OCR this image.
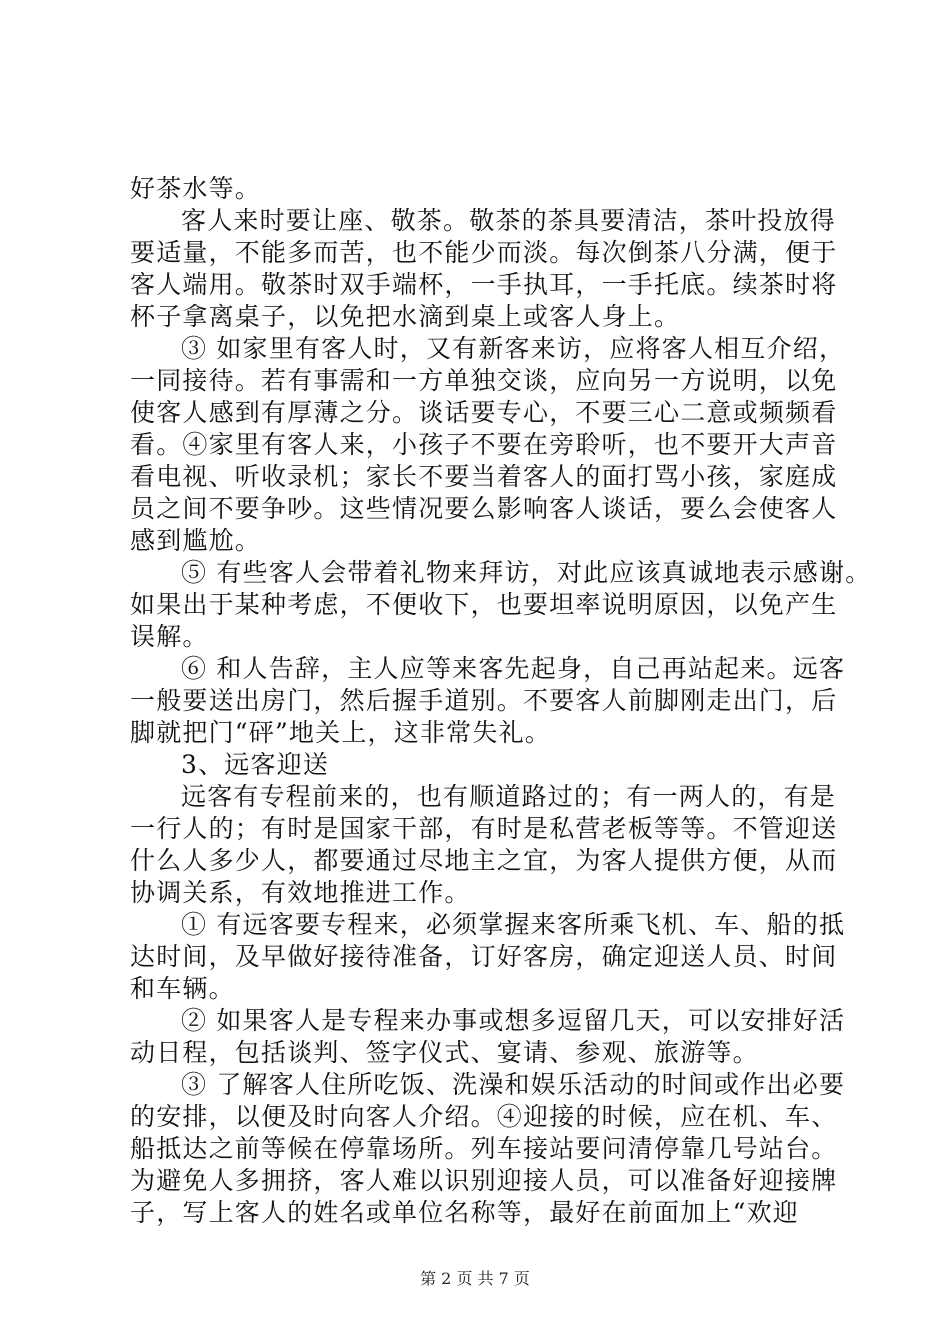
好茶水等。
客人来时要让座、敬茶。敬茶的茶具要清洁，茶叶投放得
要适量，不能多而苦，也不能少而淡。每次倒茶八分满，便于
客人端用。敬茶时双手端杯，一手执耳，一手托底。续茶时将
杯子拿离桌子，以免把水滴到桌上或客人身上。
③ 如家里有客人时，又有新客来访，应将客人相互介绍，
一同接待。若有事需和一方单独交谈，应向另一方说明，以免
使客人感到有厚薄之分。谈话要专心，不要三心二意或频频看
看。④家里有客人来，小孩子不要在旁聆听，也不要开大声音
看电视、听收录机；家长不要当着客人的面打骂小孩，家庭成
员之间不要争吵。这些情况要么影响客人谈话，要么会使客人
感到尴尬。
⑤ 有些客人会带着礼物来拜访，对此应该真诚地表示感谢。
如果出于某种考虑，不便收下，也要坦率说明原因，以免产生
误解。
⑥ 和人告辞，主人应等来客先起身，自己再站起来。远客
一般要送出房门，然后握手道别。不要客人前脚刚走出门，后
脚就把门“砰”地关上，这非常失礼。
3、远客迎送
远客有专程前来的，也有顺道路过的；有一两人的，有是
一行人的；有时是国家干部，有时是私营老板等等。不管迎送
什么人多少人，都要通过尽地主之宜，为客人提供方便，从而
协调关系，有效地推进工作。
① 有远客要专程来，必须掌握来客所乘飞机、车、船的抵
达时间，及早做好接待准备，订好客房，确定迎送人员、时间
和车辆。
② 如果客人是专程来办事或想多逗留几天，可以安排好活
动日程，包括谈判、签字仪式、宴请、参观、旅游等。
③ 了解客人住所吃饭、洗澡和娱乐活动的时间或作出必要
的安排，以便及时向客人介绍。④迎接的时候，应在机、车、
船抵达之前等候在停靠场所。列车接站要问清停靠几号站台。
为避免人多拥挤，客人难以识别迎接人员，可以准备好迎接牌
子，写上客人的姓名或单位名称等，最好在前面加上“欢迎
第 2 页 共 7 页
